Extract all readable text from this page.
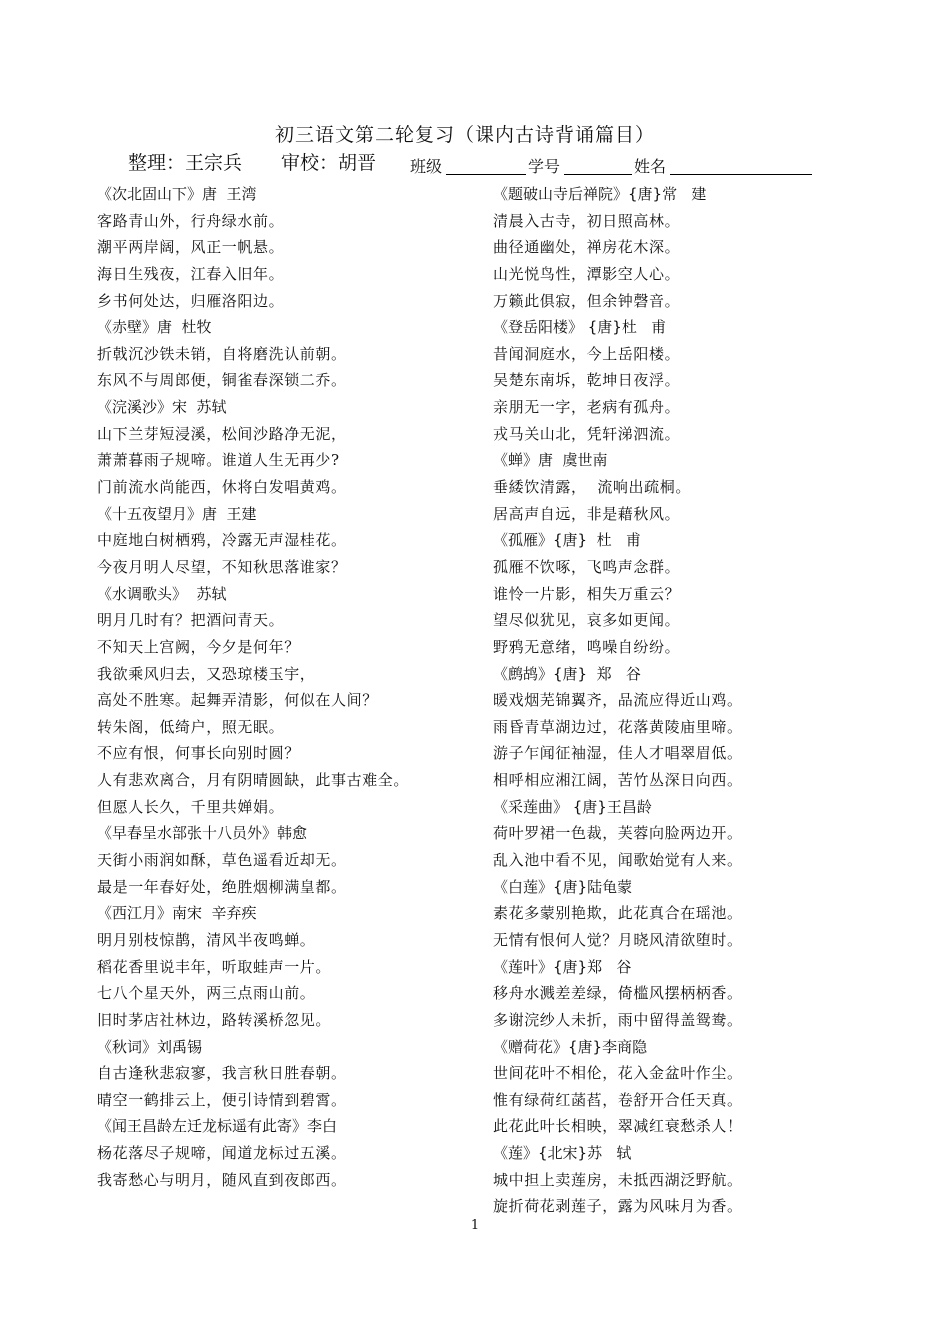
初三语文第二轮复习（课内古诗背诵篇目）
整理：王宗兵 审校：胡晋 班级	学号	姓名
《次北固山下》唐  王湾
客路青山外，行舟绿水前。
潮平两岸阔，风正一帆悬。
海日生残夜，江春入旧年。
乡书何处达，归雁洛阳边。
《赤壁》唐  杜牧
折戟沉沙铁未销，自将磨洗认前朝。
东风不与周郎便，铜雀春深锁二乔。
《浣溪沙》宋  苏轼
山下兰芽短浸溪，松间沙路净无泥，
萧萧暮雨子规啼。谁道人生无再少?
门前流水尚能西，休将白发唱黄鸡。
《十五夜望月》唐  王建
中庭地白树栖鸦，冷露无声湿桂花。
今夜月明人尽望，不知秋思落谁家？
《水调歌头》  苏轼
明月几时有？把酒问青天。
不知天上宫阙，今夕是何年？
我欲乘风归去，又恐琼楼玉宇，
高处不胜寒。起舞弄清影，何似在人间？
转朱阁，低绮户，照无眠。
不应有恨，何事长向别时圆？
人有悲欢离合，月有阴晴圆缺，此事古难全。
但愿人长久，千里共婵娟。
《早春呈水部张十八员外》韩愈
天街小雨润如酥，草色遥看近却无。
最是一年春好处，绝胜烟柳满皇都。
《西江月》南宋  辛弃疾
明月别枝惊鹊，清风半夜鸣蝉。
稻花香里说丰年，听取蛙声一片。
七八个星天外，两三点雨山前。
旧时茅店社林边，路转溪桥忽见。
《秋词》刘禹锡
自古逢秋悲寂寥，我言秋日胜春朝。
晴空一鹤排云上，便引诗情到碧霄。
《闻王昌龄左迁龙标遥有此寄》李白
杨花落尽子规啼，闻道龙标过五溪。
我寄愁心与明月，随风直到夜郎西。
《题破山寺后禅院》{唐}常   建
清晨入古寺，初日照高林。
曲径通幽处，禅房花木深。
山光悦鸟性，潭影空人心。
万籁此俱寂，但余钟磬音。
《登岳阳楼》 {唐}杜   甫
昔闻洞庭水，今上岳阳楼。
吴楚东南坼，乾坤日夜浮。
亲朋无一字，老病有孤舟。
戎马关山北，凭轩涕泗流。
《蝉》唐  虞世南
垂緌饮清露，  流响出疏桐。
居高声自远，非是藉秋风。
《孤雁》{唐}  杜   甫
孤雁不饮啄，飞鸣声念群。
谁怜一片影，相失万重云？
望尽似犹见，哀多如更闻。
野鸦无意绪，鸣噪自纷纷。
《鹧鸪》{唐}  郑   谷
暖戏烟芜锦翼齐，品流应得近山鸡。
雨昏青草湖边过，花落黄陵庙里啼。
游子乍闻征袖湿，佳人才唱翠眉低。
相呼相应湘江阔，苦竹丛深日向西。
《采莲曲》 {唐}王昌龄
荷叶罗裙一色裁，芙蓉向脸两边开。
乱入池中看不见，闻歌始觉有人来。
《白莲》{唐}陆龟蒙
素花多蒙别艳欺，此花真合在瑶池。
无情有恨何人觉？月晓风清欲堕时。
《莲叶》{唐}郑   谷
移舟水溅差差绿，倚槛风摆柄柄香。
多谢浣纱人未折，雨中留得盖鸳鸯。
《赠荷花》{唐}李商隐
世间花叶不相伦，花入金盆叶作尘。
惟有绿荷红菡萏，卷舒开合任天真。
此花此叶长相映，翠减红衰愁杀人！
《莲》{北宋}苏   轼
城中担上卖莲房，未抵西湖泛野航。
旋折荷花剥莲子，露为风味月为香。
1
